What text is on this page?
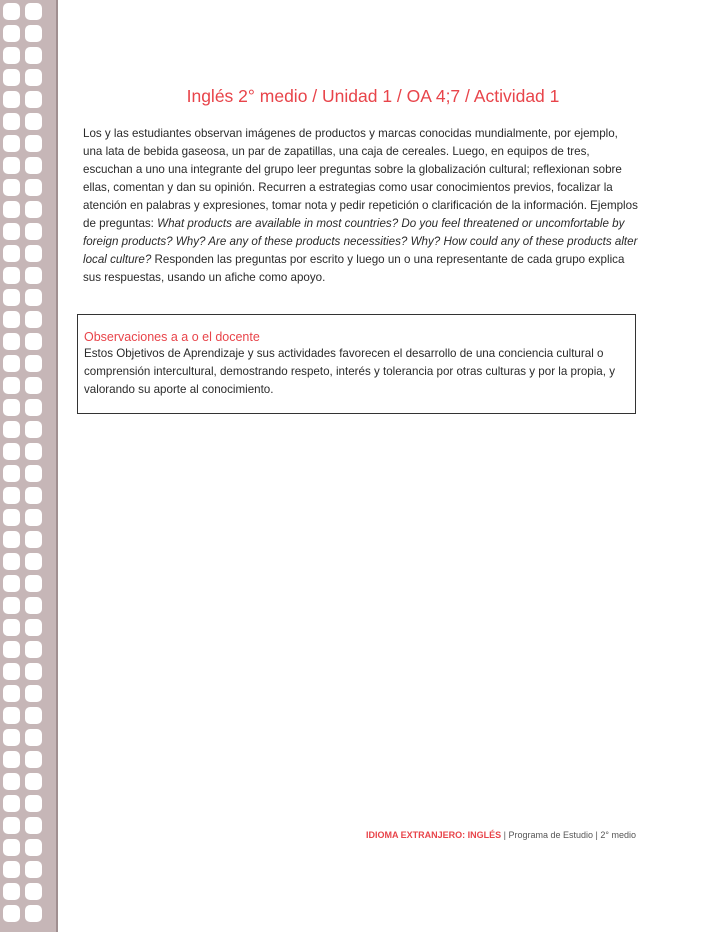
Inglés 2° medio / Unidad 1 / OA 4;7 / Actividad 1

Los y las estudiantes observan imágenes de productos y marcas conocidas mundialmente, por ejemplo, una lata de bebida gaseosa, un par de zapatillas, una caja de cereales. Luego, en equipos de tres, escuchan a uno una integrante del grupo leer preguntas sobre la globalización cultural; reflexionan sobre ellas, comentan y dan su opinión. Recurren a estrategias como usar conocimientos previos, focalizar la atención en palabras y expresiones, tomar nota y pedir repetición o clarificación de la información. Ejemplos de preguntas: What products are available in most countries? Do you feel threatened or uncomfortable by foreign products? Why? Are any of these products necessities? Why? How could any of these products alter local culture? Responden las preguntas por escrito y luego un o una representante de cada grupo explica sus respuestas, usando un afiche como apoyo.

Observaciones a a o el docente

Estos Objetivos de Aprendizaje y sus actividades favorecen el desarrollo de una conciencia cultural o comprensión intercultural, demostrando respeto, interés y tolerancia por otras culturas y por la propia, y valorando su aporte al conocimiento.

IDIOMA EXTRANJERO: INGLÉS | Programa de Estudio | 2° medio
